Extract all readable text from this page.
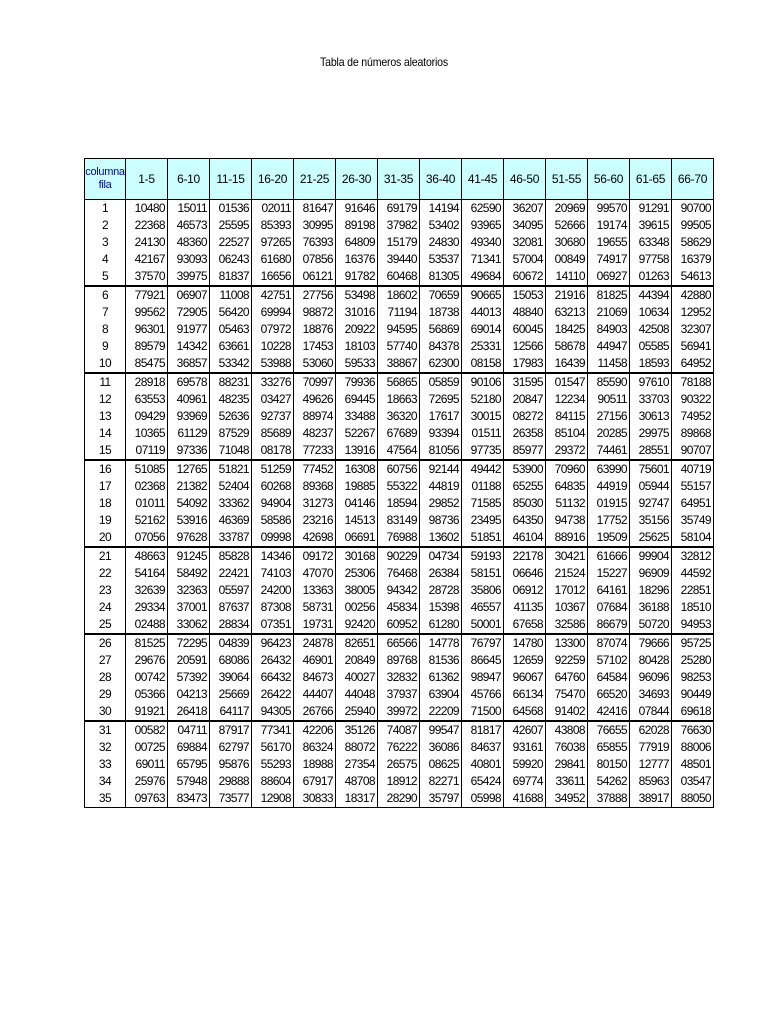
Tabla de números aleatorios
columna
fila	1-5	6-10	11-15	16-20	21-25	26-30	31-35	36-40	41-45	46-50	51-55	56-60	61-65	66-70
1	10480	15011	01536	02011	81647	91646	69179	14194	62590	36207	20969	99570	91291	90700
2	22368	46573	25595	85393	30995	89198	37982	53402	93965	34095	52666	19174	39615	99505
3	24130	48360	22527	97265	76393	64809	15179	24830	49340	32081	30680	19655	63348	58629
4	42167	93093	06243	61680	07856	16376	39440	53537	71341	57004	00849	74917	97758	16379
5	37570	39975	81837	16656	06121	91782	60468	81305	49684	60672	14110	06927	01263	54613
6	77921	06907	11008	42751	27756	53498	18602	70659	90665	15053	21916	81825	44394	42880
7	99562	72905	56420	69994	98872	31016	71194	18738	44013	48840	63213	21069	10634	12952
8	96301	91977	05463	07972	18876	20922	94595	56869	69014	60045	18425	84903	42508	32307
9	89579	14342	63661	10228	17453	18103	57740	84378	25331	12566	58678	44947	05585	56941
10	85475	36857	53342	53988	53060	59533	38867	62300	08158	17983	16439	11458	18593	64952
11	28918	69578	88231	33276	70997	79936	56865	05859	90106	31595	01547	85590	97610	78188
12	63553	40961	48235	03427	49626	69445	18663	72695	52180	20847	12234	90511	33703	90322
13	09429	93969	52636	92737	88974	33488	36320	17617	30015	08272	84115	27156	30613	74952
14	10365	61129	87529	85689	48237	52267	67689	93394	01511	26358	85104	20285	29975	89868
15	07119	97336	71048	08178	77233	13916	47564	81056	97735	85977	29372	74461	28551	90707
16	51085	12765	51821	51259	77452	16308	60756	92144	49442	53900	70960	63990	75601	40719
17	02368	21382	52404	60268	89368	19885	55322	44819	01188	65255	64835	44919	05944	55157
18	01011	54092	33362	94904	31273	04146	18594	29852	71585	85030	51132	01915	92747	64951
19	52162	53916	46369	58586	23216	14513	83149	98736	23495	64350	94738	17752	35156	35749
20	07056	97628	33787	09998	42698	06691	76988	13602	51851	46104	88916	19509	25625	58104
21	48663	91245	85828	14346	09172	30168	90229	04734	59193	22178	30421	61666	99904	32812
22	54164	58492	22421	74103	47070	25306	76468	26384	58151	06646	21524	15227	96909	44592
23	32639	32363	05597	24200	13363	38005	94342	28728	35806	06912	17012	64161	18296	22851
24	29334	37001	87637	87308	58731	00256	45834	15398	46557	41135	10367	07684	36188	18510
25	02488	33062	28834	07351	19731	92420	60952	61280	50001	67658	32586	86679	50720	94953
26	81525	72295	04839	96423	24878	82651	66566	14778	76797	14780	13300	87074	79666	95725
27	29676	20591	68086	26432	46901	20849	89768	81536	86645	12659	92259	57102	80428	25280
28	00742	57392	39064	66432	84673	40027	32832	61362	98947	96067	64760	64584	96096	98253
29	05366	04213	25669	26422	44407	44048	37937	63904	45766	66134	75470	66520	34693	90449
30	91921	26418	64117	94305	26766	25940	39972	22209	71500	64568	91402	42416	07844	69618
31	00582	04711	87917	77341	42206	35126	74087	99547	81817	42607	43808	76655	62028	76630
32	00725	69884	62797	56170	86324	88072	76222	36086	84637	93161	76038	65855	77919	88006
33	69011	65795	95876	55293	18988	27354	26575	08625	40801	59920	29841	80150	12777	48501
34	25976	57948	29888	88604	67917	48708	18912	82271	65424	69774	33611	54262	85963	03547
35	09763	83473	73577	12908	30833	18317	28290	35797	05998	41688	34952	37888	38917	88050
